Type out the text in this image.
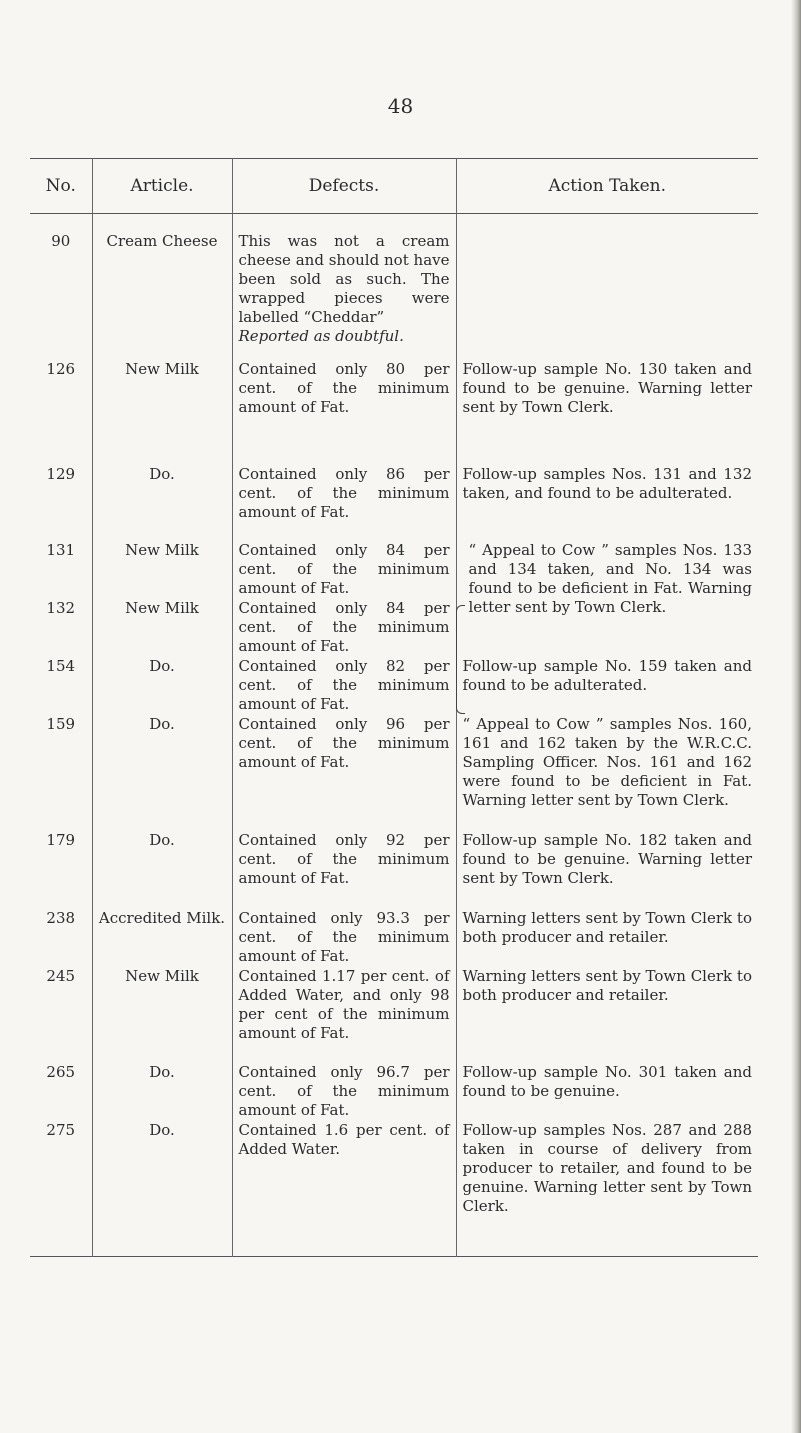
48
No.	Article.	Defects.	Action Taken.
90	Cream Cheese	This was not a cream cheese and should not have been sold as such. The wrapped pieces were labelled “Cheddar”
Reported as doubtful.	
126	New Milk	Contained only 80 per cent. of the minimum amount of Fat.	Follow-up sample No. 130 taken and found to be genuine. Warning letter sent by Town Clerk.
129	Do.	Contained only 86 per cent. of the minimum amount of Fat.	Follow-up samples Nos. 131 and 132 taken, and found to be adulterated.
131	New Milk	Contained only 84 per cent. of the minimum amount of Fat.	“ Appeal to Cow ” samples Nos. 133 and 134 taken, and No. 134 was found to be deficient in Fat. Warning letter sent by Town Clerk.
132	New Milk	Contained only 84 per cent. of the minimum amount of Fat.	
154	Do.	Contained only 82 per cent. of the minimum amount of Fat.	Follow-up sample No. 159 taken and found to be adulterated.
159	Do.	Contained only 96 per cent. of the minimum amount of Fat.	“ Appeal to Cow ” samples Nos. 160, 161 and 162 taken by the W.R.C.C. Sampling Officer. Nos. 161 and 162 were found to be deficient in Fat. Warning letter sent by Town Clerk.
179	Do.	Contained only 92 per cent. of the minimum amount of Fat.	Follow-up sample No. 182 taken and found to be genuine. Warning letter sent by Town Clerk.
238	Accredited Milk.	Contained only 93.3 per cent. of the minimum amount of Fat.	Warning letters sent by Town Clerk to both producer and retailer.
245	New Milk	Contained 1.17 per cent. of Added Water, and only 98 per cent of the minimum amount of Fat.	Warning letters sent by Town Clerk to both producer and retailer.
265	Do.	Contained only 96.7 per cent. of the minimum amount of Fat.	Follow-up sample No. 301 taken and found to be genuine.
275	Do.	Contained 1.6 per cent. of Added Water.	Follow-up samples Nos. 287 and 288 taken in course of delivery from producer to retailer, and found to be genuine. Warning letter sent by Town Clerk.
